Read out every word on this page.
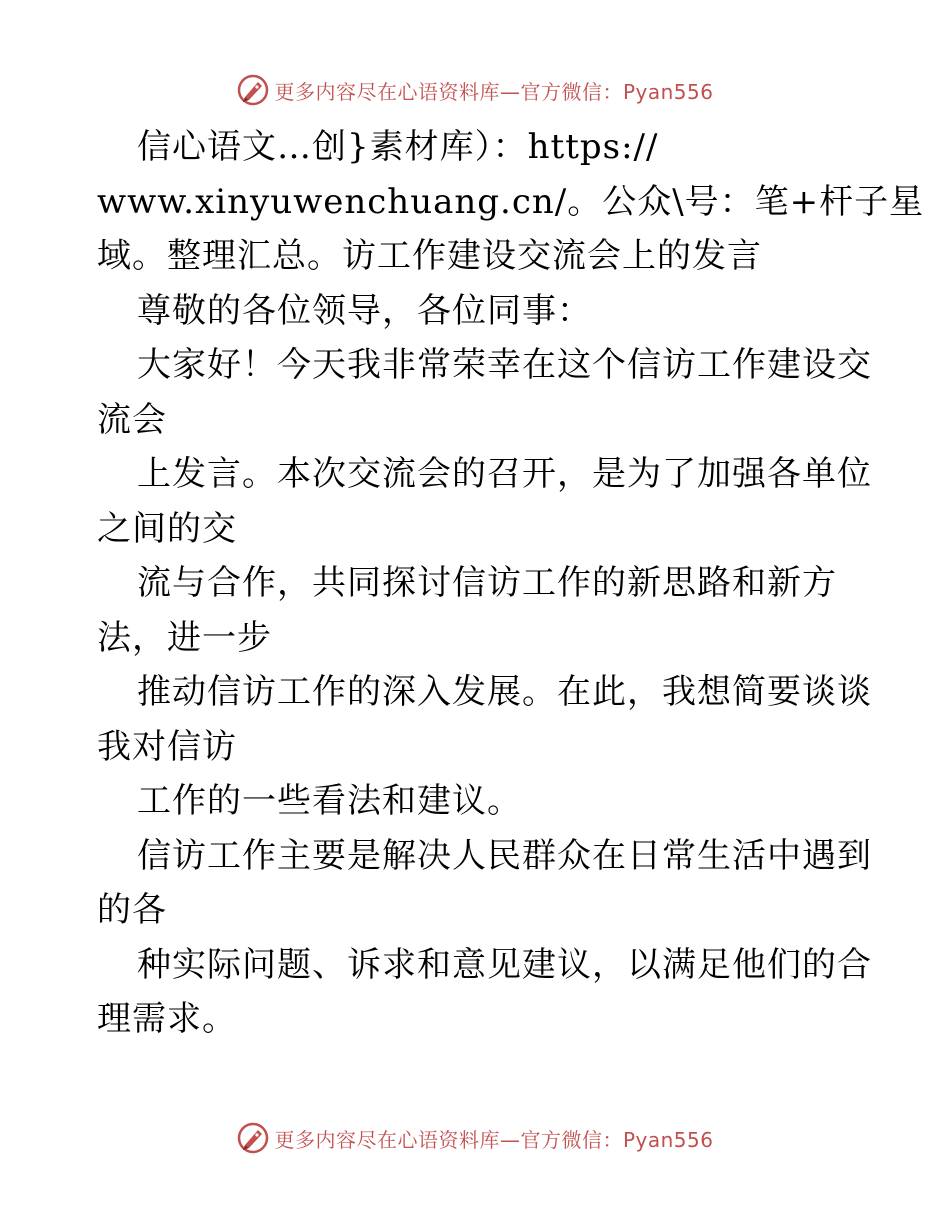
更多内容尽在心语资料库—官方微信：Pyan556
信心语文…创}素材库）：https://
www.xinyuwenchuang.cn/。公众\号：笔+杆子星
域。整理汇总。访工作建设交流会上的发言
尊敬的各位领导，各位同事：
大家好！今天我非常荣幸在这个信访工作建设交
流会
上发言。本次交流会的召开，是为了加强各单位
之间的交
流与合作，共同探讨信访工作的新思路和新方
法，进一步
推动信访工作的深入发展。在此，我想简要谈谈
我对信访
工作的一些看法和建议。
信访工作主要是解决人民群众在日常生活中遇到
的各
种实际问题、诉求和意见建议，以满足他们的合
理需求。
更多内容尽在心语资料库—官方微信：Pyan556
